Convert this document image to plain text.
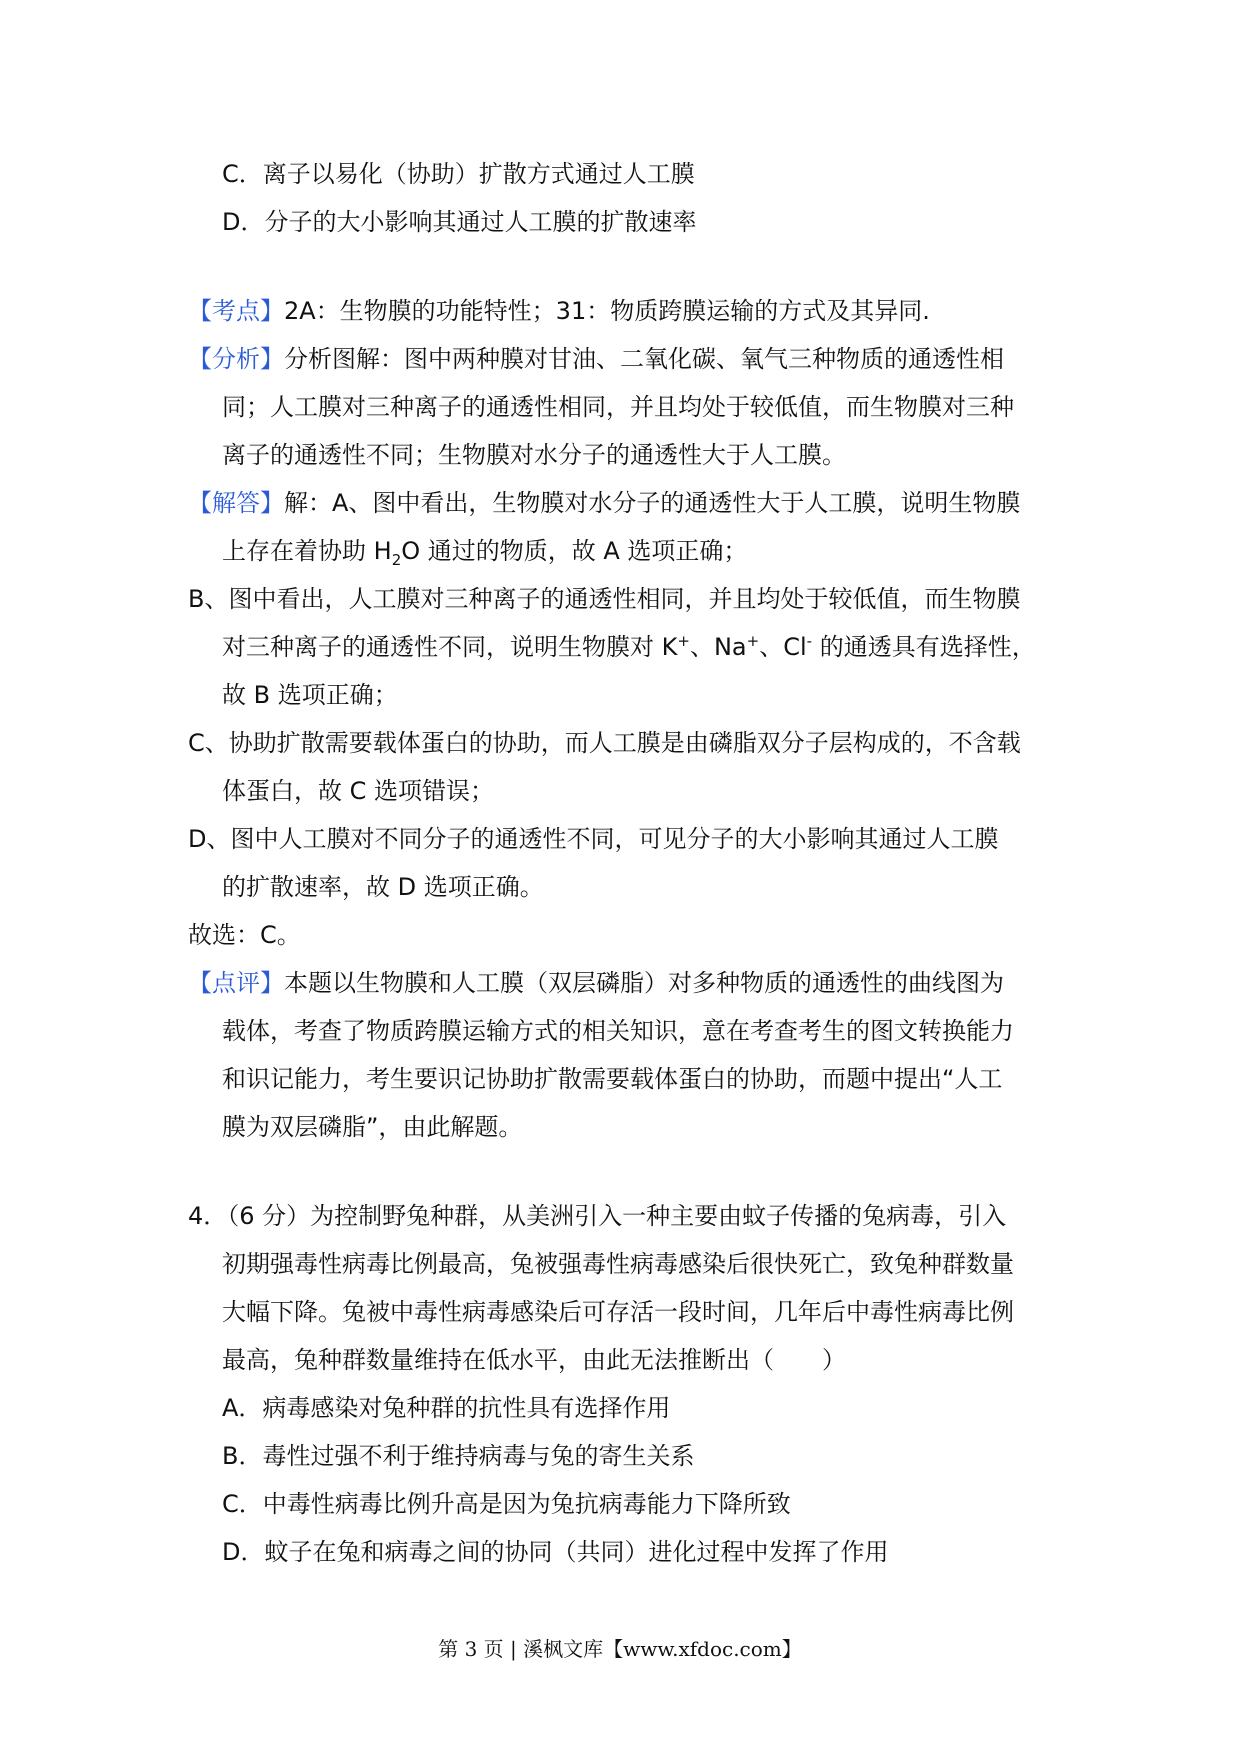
C．离子以易化（协助）扩散方式通过人工膜
D．分子的大小影响其通过人工膜的扩散速率
【考点】2A：生物膜的功能特性；31：物质跨膜运输的方式及其异同.
【分析】分析图解：图中两种膜对甘油、二氧化碳、氧气三种物质的通透性相
同；人工膜对三种离子的通透性相同，并且均处于较低值，而生物膜对三种
离子的通透性不同；生物膜对水分子的通透性大于人工膜。
【解答】解：A、图中看出，生物膜对水分子的通透性大于人工膜，说明生物膜
上存在着协助 $H_2O$ 通过的物质，故 A 选项正确；
B、图中看出，人工膜对三种离子的通透性相同，并且均处于较低值，而生物膜
对三种离子的通透性不同，说明生物膜对 K+、Na+、Cl- 的通透具有选择性，
故 B 选项正确；
C、协助扩散需要载体蛋白的协助，而人工膜是由磷脂双分子层构成的，不含载
体蛋白，故 C 选项错误；
D、图中人工膜对不同分子的通透性不同，可见分子的大小影响其通过人工膜
的扩散速率，故 D 选项正确。
故选：C。
【点评】本题以生物膜和人工膜（双层磷脂）对多种物质的通透性的曲线图为
载体，考查了物质跨膜运输方式的相关知识，意在考查考生的图文转换能力
和识记能力，考生要识记协助扩散需要载体蛋白的协助，而题中提出“人工
膜为双层磷脂”，由此解题。
4．（6 分）为控制野兔种群，从美洲引入一种主要由蚊子传播的兔病毒，引入
初期强毒性病毒比例最高，兔被强毒性病毒感染后很快死亡，致兔种群数量
大幅下降。兔被中毒性病毒感染后可存活一段时间，几年后中毒性病毒比例
最高，兔种群数量维持在低水平，由此无法推断出（　　）
A．病毒感染对兔种群的抗性具有选择作用
B．毒性过强不利于维持病毒与兔的寄生关系
C．中毒性病毒比例升高是因为兔抗病毒能力下降所致
D．蚊子在兔和病毒之间的协同（共同）进化过程中发挥了作用
第 3 页 | 溪枫文库【www.xfdoc.com】
